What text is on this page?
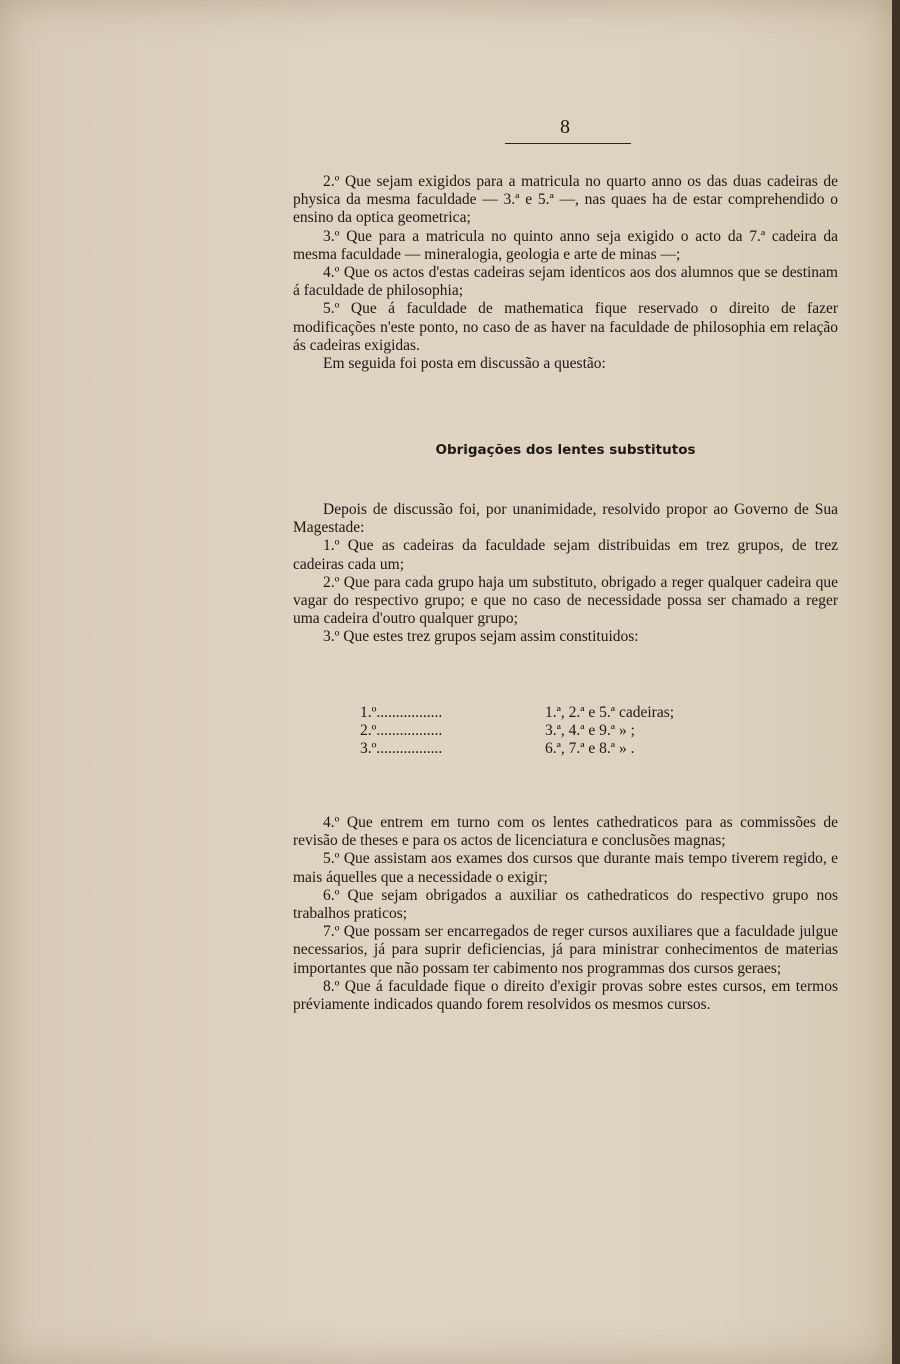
8

2.º Que sejam exigidos para a matricula no quarto anno os das duas cadeiras de physica da mesma faculdade — 3.ª e 5.ª —, nas quaes ha de estar comprehendido o ensino da optica geometrica;

3.º Que para a matricula no quinto anno seja exigido o acto da 7.ª cadeira da mesma faculdade — mineralogia, geologia e arte de minas —;

4.º Que os actos d'estas cadeiras sejam identicos aos dos alumnos que se destinam á faculdade de philosophia;

5.º Que á faculdade de mathematica fique reservado o direito de fazer modificações n'este ponto, no caso de as haver na faculdade de philosophia em relação ás cadeiras exigidas.

Em seguida foi posta em discussão a questão:

Obrigações dos lentes substitutos

Depois de discussão foi, por unanimidade, resolvido propor ao Governo de Sua Magestade:

1.º Que as cadeiras da faculdade sejam distribuidas em trez grupos, de trez cadeiras cada um;

2.º Que para cada grupo haja um substituto, obrigado a reger qualquer cadeira que vagar do respectivo grupo; e que no caso de necessidade possa ser chamado a reger uma cadeira d'outro qualquer grupo;

3.º Que estes trez grupos sejam assim constituidos:

1.º.................	1.ª, 2.ª e 5.ª cadeiras;
2.º.................	3.ª, 4.ª e 9.ª » ;
3.º.................	6.ª, 7.ª e 8.ª » .

4.º Que entrem em turno com os lentes cathedraticos para as commissões de revisão de theses e para os actos de licenciatura e conclusões magnas;

5.º Que assistam aos exames dos cursos que durante mais tempo tiverem regido, e mais áquelles que a necessidade o exigir;

6.º Que sejam obrigados a auxiliar os cathedraticos do respectivo grupo nos trabalhos praticos;

7.º Que possam ser encarregados de reger cursos auxiliares que a faculdade julgue necessarios, já para suprir deficiencias, já para ministrar conhecimentos de materias importantes que não possam ter cabimento nos programmas dos cursos geraes;

8.º Que á faculdade fique o direito d'exigir provas sobre estes cursos, em termos préviamente indicados quando forem resolvidos os mesmos cursos.
